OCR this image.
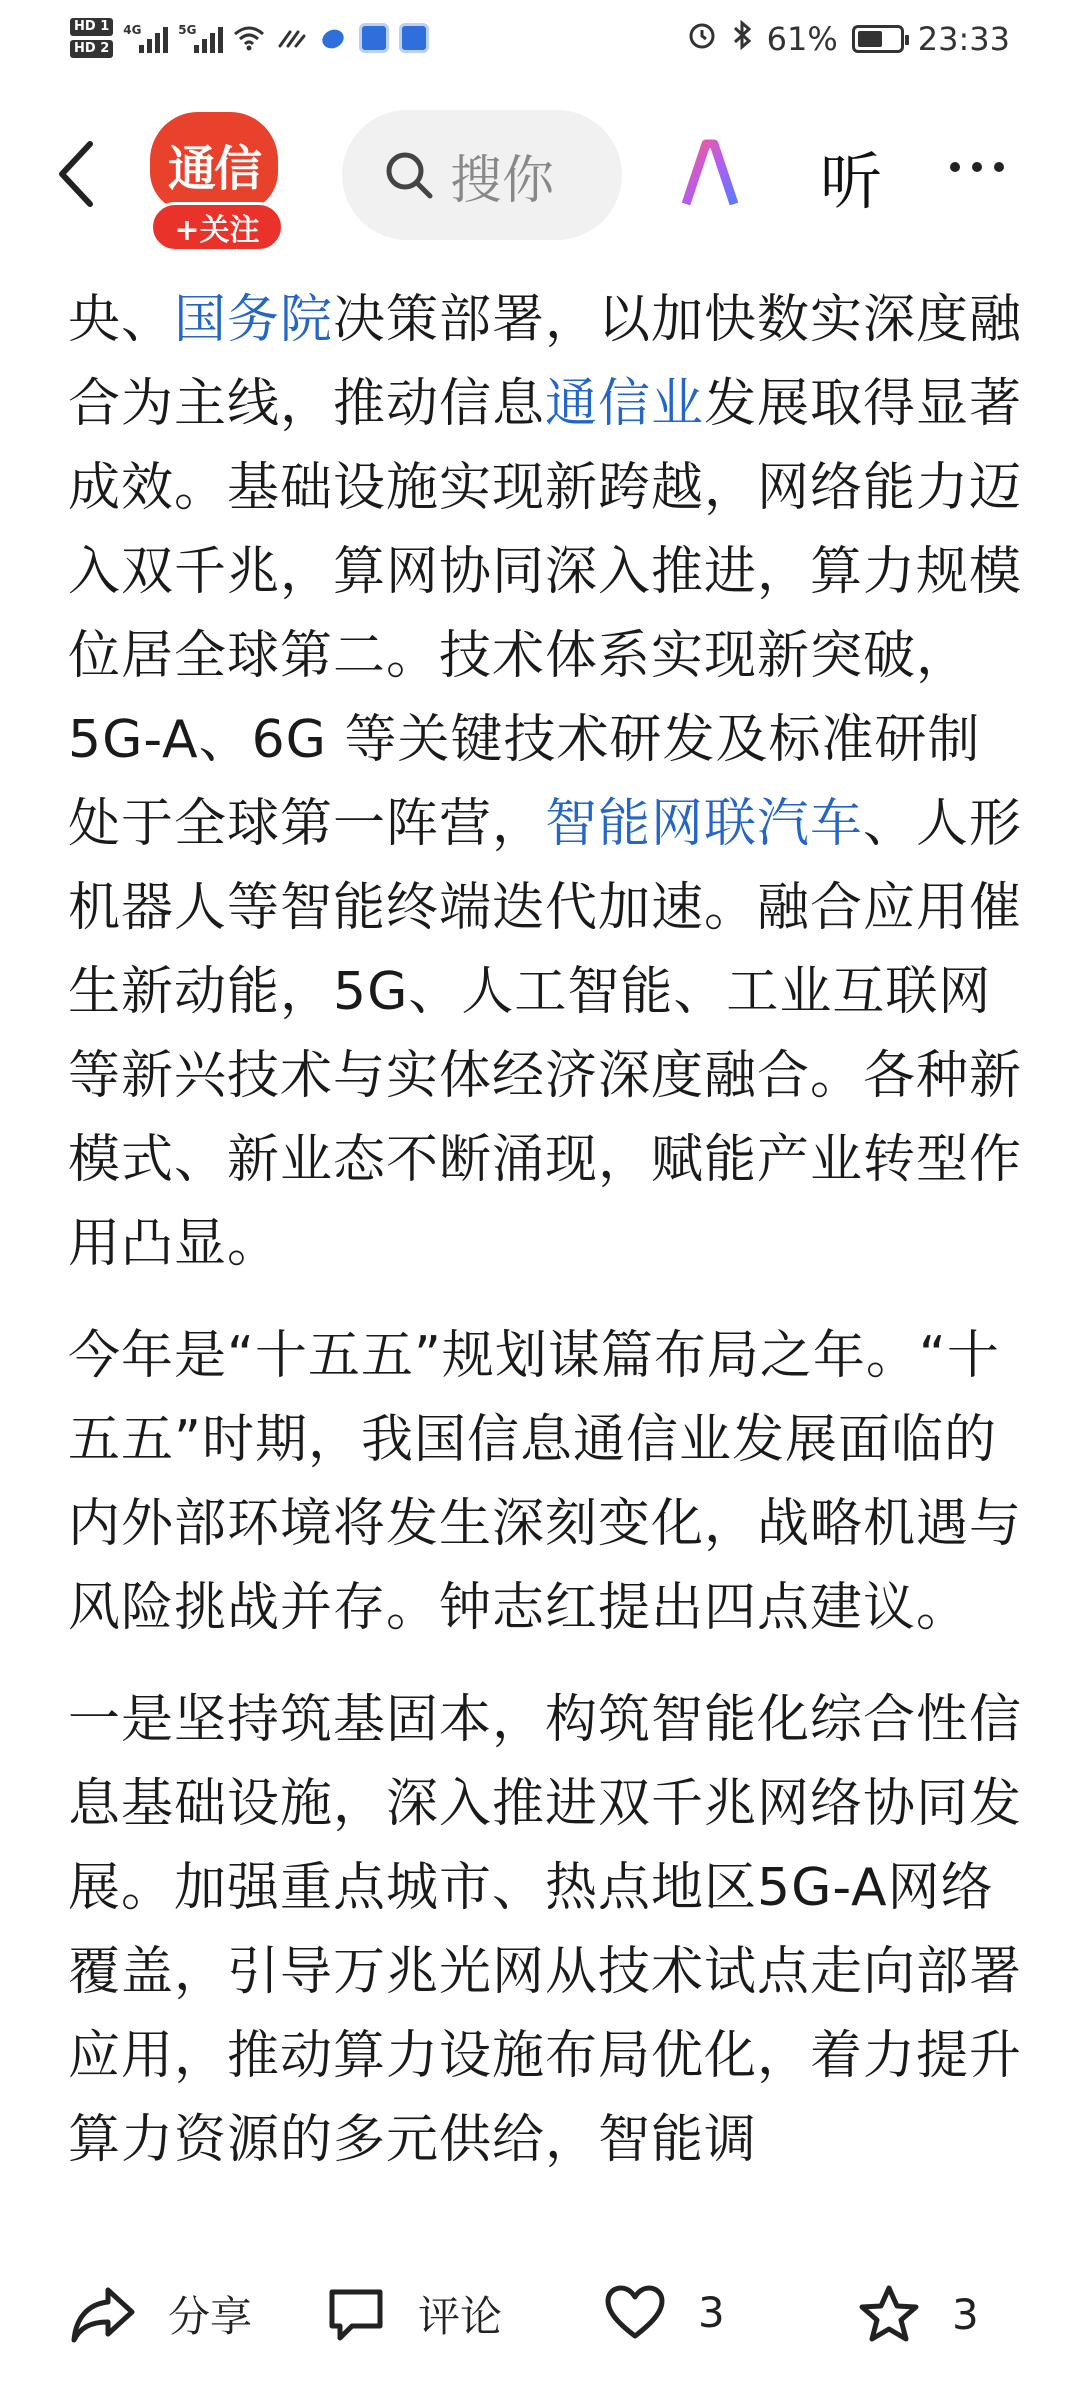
HD 1
HD 2
4G	5G	61%	23:33
通信
+关注
搜你	听

央、国务院决策部署，以加快数实深度融合为主线，推动信息通信业发展取得显著成效。基础设施实现新跨越，网络能力迈入双千兆，算网协同深入推进，算力规模位居全球第二。技术体系实现新突破，5G-A、6G 等关键技术研发及标准研制处于全球第一阵营，智能网联汽车、人形机器人等智能终端迭代加速。融合应用催生新动能，5G、人工智能、工业互联网等新兴技术与实体经济深度融合。各种新模式、新业态不断涌现，赋能产业转型作用凸显。

今年是“十五五”规划谋篇布局之年。“十五五”时期，我国信息通信业发展面临的内外部环境将发生深刻变化，战略机遇与风险挑战并存。钟志红提出四点建议。

一是坚持筑基固本，构筑智能化综合性信息基础设施，深入推进双千兆网络协同发展。加强重点城市、热点地区5G-A网络覆盖，引导万兆光网从技术试点走向部署应用，推动算力设施布局优化，着力提升算力资源的多元供给，智能调

分享	评论	3	3
